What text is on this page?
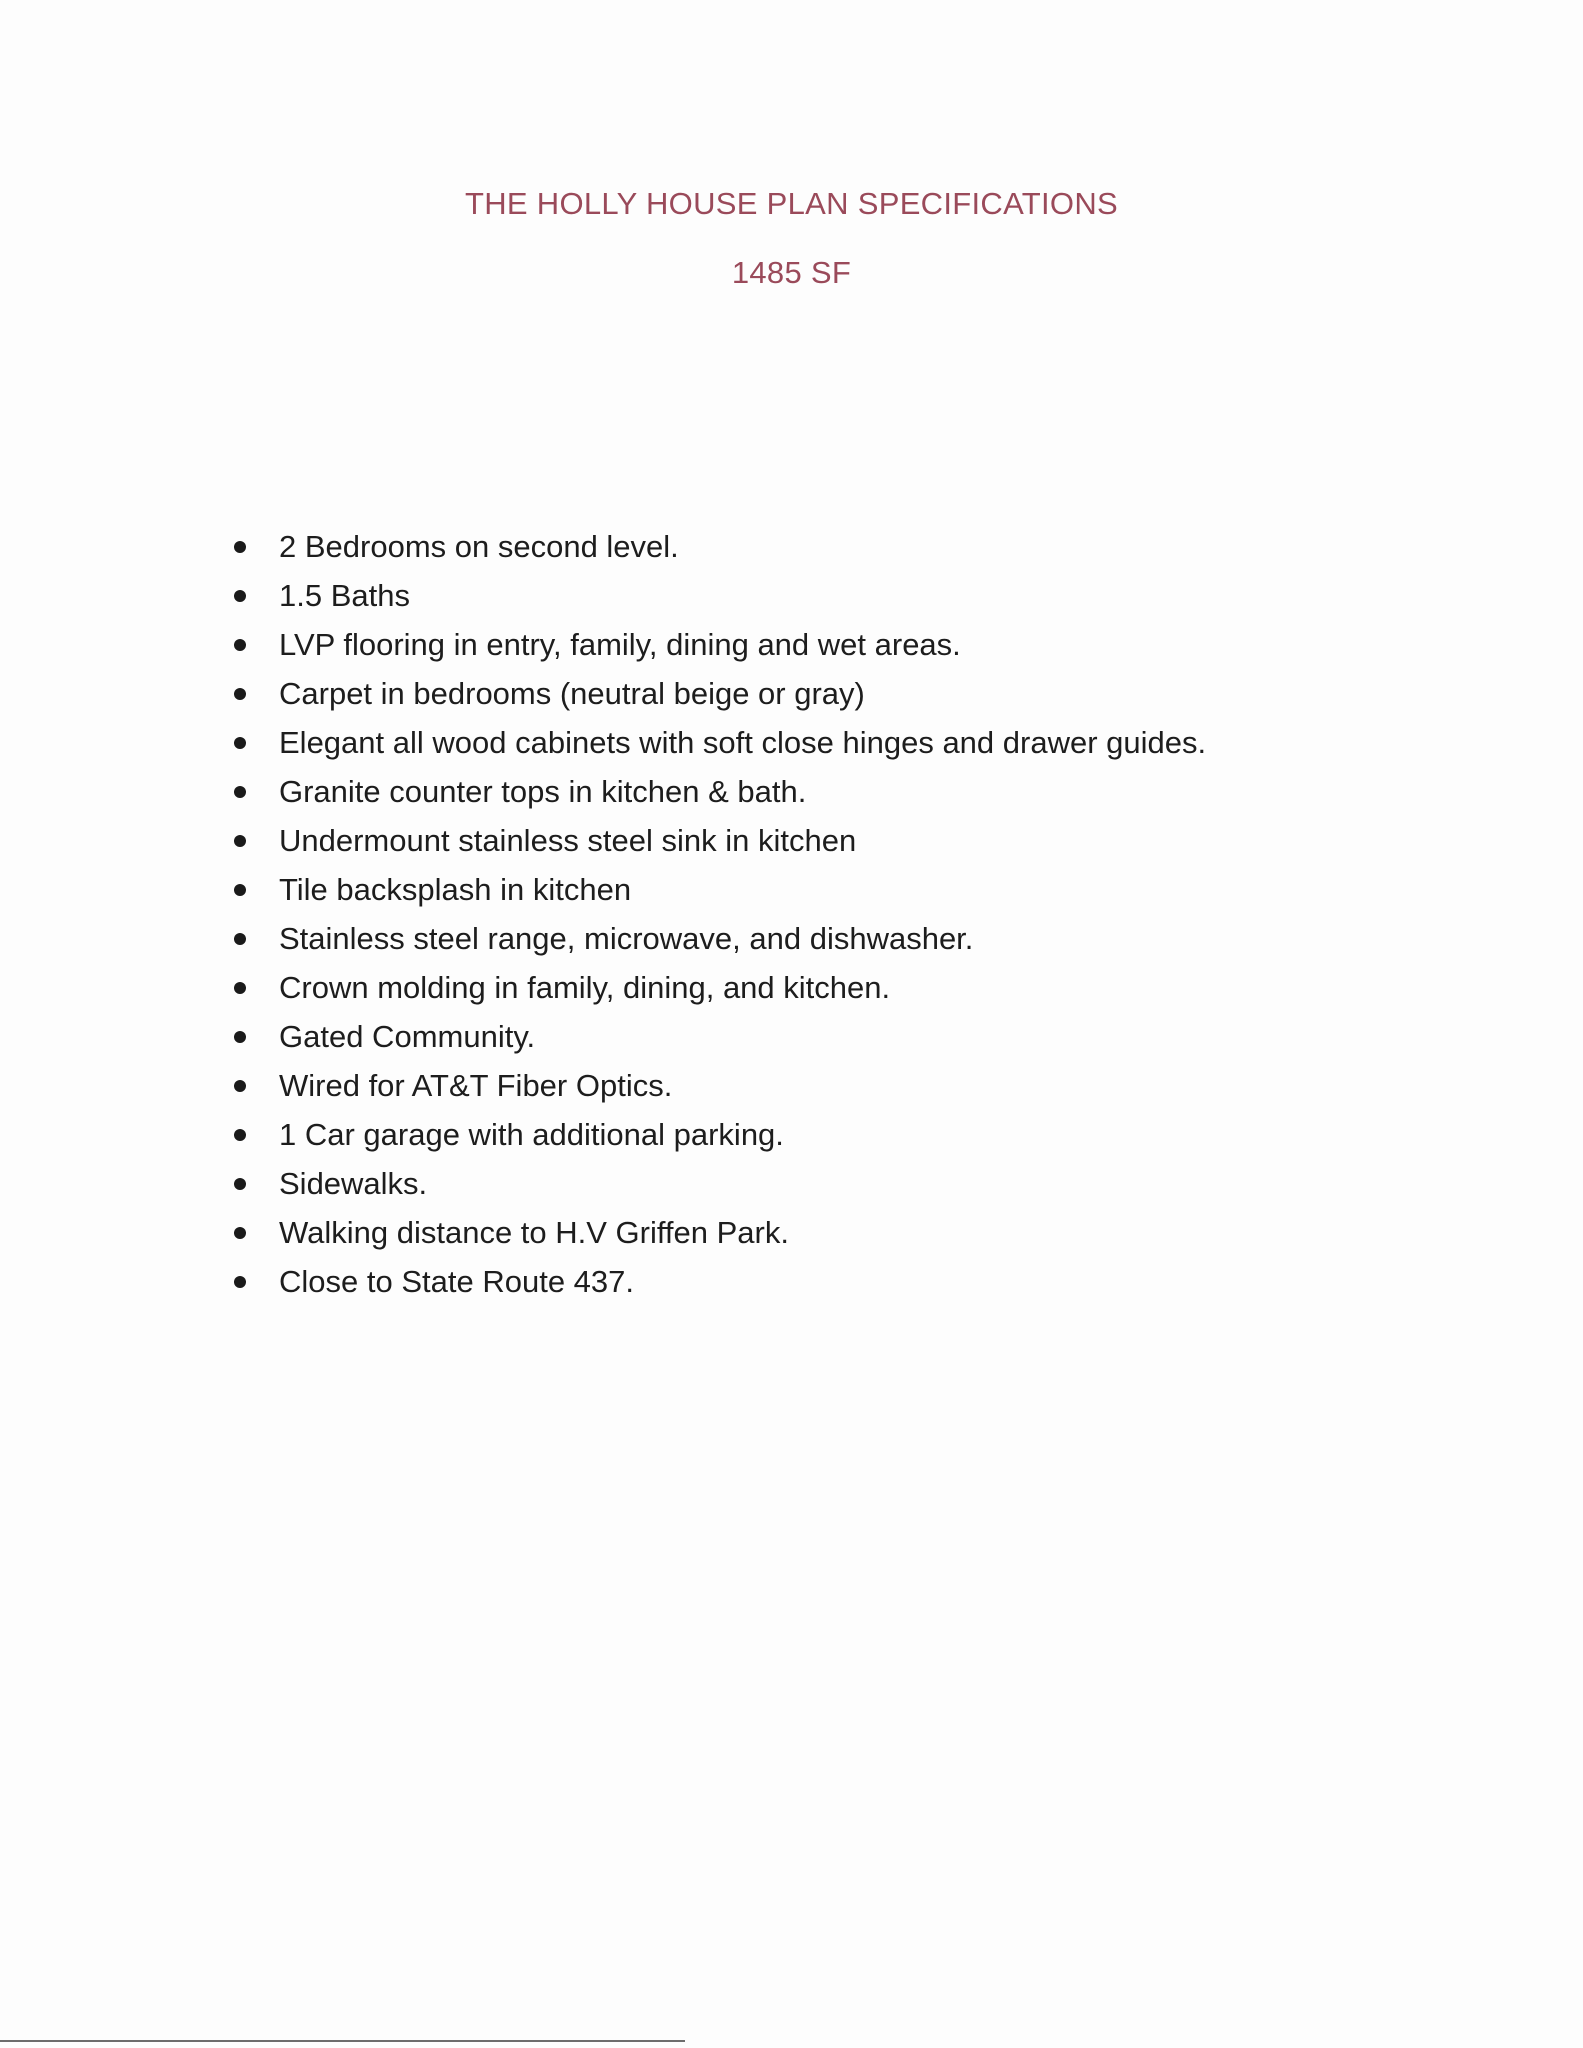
THE HOLLY HOUSE PLAN SPECIFICATIONS
1485 SF
2 Bedrooms on second level.
1.5 Baths
LVP flooring in entry, family, dining and wet areas.
Carpet in bedrooms (neutral beige or gray)
Elegant all wood cabinets with soft close hinges and drawer guides.
Granite counter tops in kitchen & bath.
Undermount stainless steel sink in kitchen
Tile backsplash in kitchen
Stainless steel range, microwave, and dishwasher.
Crown molding in family, dining, and kitchen.
Gated Community.
Wired for AT&T Fiber Optics.
1 Car garage with additional parking.
Sidewalks.
Walking distance to H.V Griffen Park.
Close to State Route 437.
